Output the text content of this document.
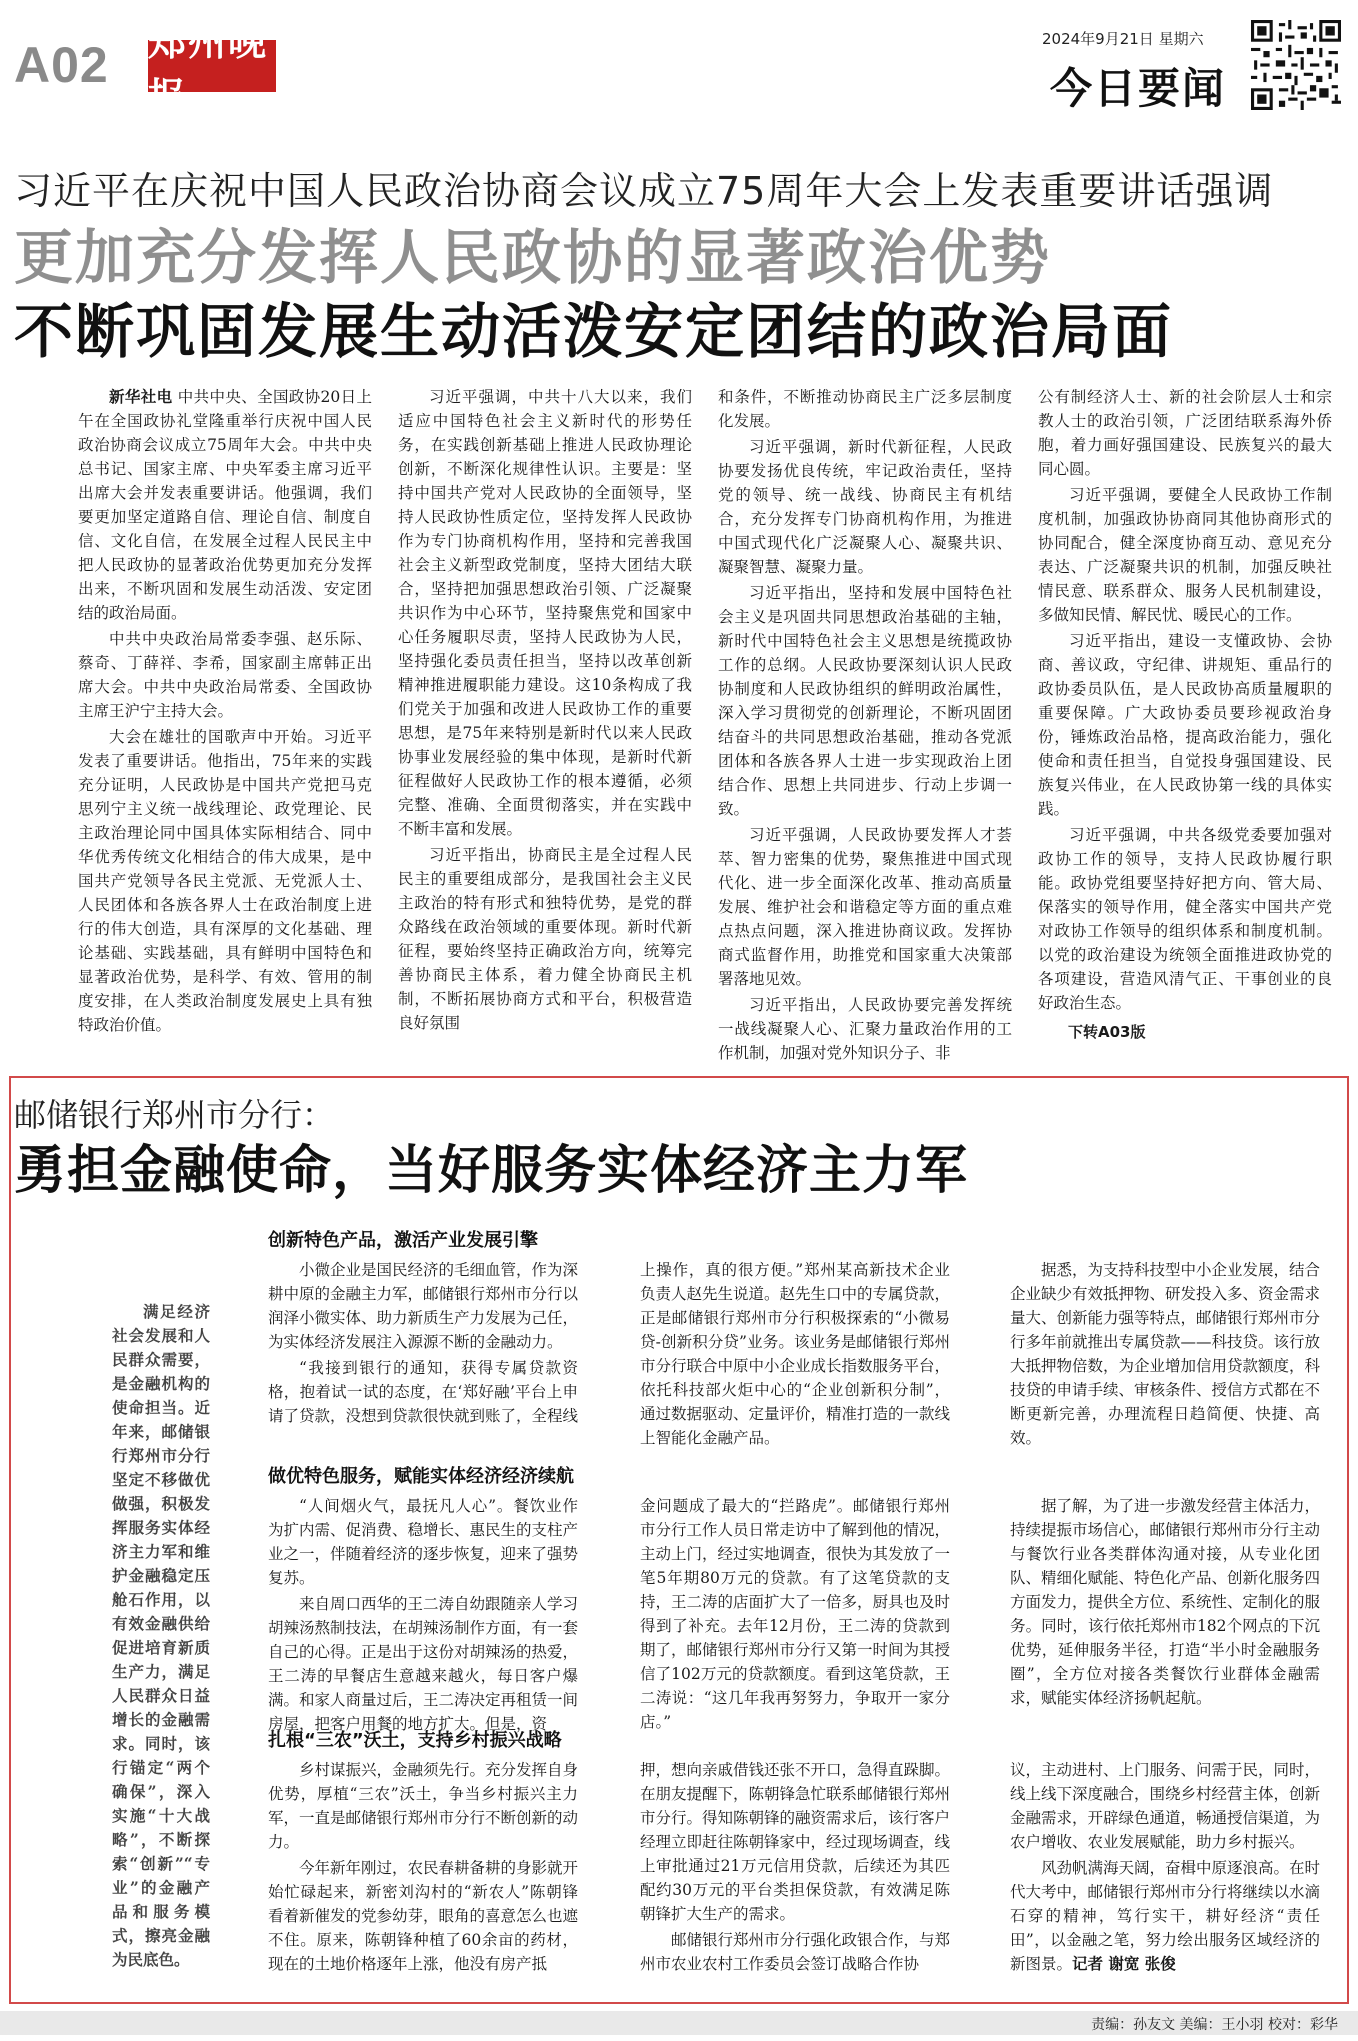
A02 郑州晚报
2024年9月21日 星期六
今日要闻
习近平在庆祝中国人民政治协商会议成立75周年大会上发表重要讲话强调
更加充分发挥人民政协的显著政治优势
不断巩固发展生动活泼安定团结的政治局面

新华社电 中共中央、全国政协20日上午在全国政协礼堂隆重举行庆祝中国人民政治协商会议成立75周年大会。中共中央总书记、国家主席、中央军委主席习近平出席大会并发表重要讲话。他强调，我们要更加坚定道路自信、理论自信、制度自信、文化自信，在发展全过程人民民主中把人民政协的显著政治优势更加充分发挥出来，不断巩固和发展生动活泼、安定团结的政治局面。

中共中央政治局常委李强、赵乐际、蔡奇、丁薛祥、李希，国家副主席韩正出席大会。中共中央政治局常委、全国政协主席王沪宁主持大会。

大会在雄壮的国歌声中开始。习近平发表了重要讲话。他指出，75年来的实践充分证明，人民政协是中国共产党把马克思列宁主义统一战线理论、政党理论、民主政治理论同中国具体实际相结合、同中华优秀传统文化相结合的伟大成果，是中国共产党领导各民主党派、无党派人士、人民团体和各族各界人士在政治制度上进行的伟大创造，具有深厚的文化基础、理论基础、实践基础，具有鲜明中国特色和显著政治优势，是科学、有效、管用的制度安排，在人类政治制度发展史上具有独特政治价值。

习近平强调，中共十八大以来，我们适应中国特色社会主义新时代的形势任务，在实践创新基础上推进人民政协理论创新，不断深化规律性认识。主要是：坚持中国共产党对人民政协的全面领导，坚持人民政协性质定位，坚持发挥人民政协作为专门协商机构作用，坚持和完善我国社会主义新型政党制度，坚持大团结大联合，坚持把加强思想政治引领、广泛凝聚共识作为中心环节，坚持聚焦党和国家中心任务履职尽责，坚持人民政协为人民，坚持强化委员责任担当，坚持以改革创新精神推进履职能力建设。这10条构成了我们党关于加强和改进人民政协工作的重要思想，是75年来特别是新时代以来人民政协事业发展经验的集中体现，是新时代新征程做好人民政协工作的根本遵循，必须完整、准确、全面贯彻落实，并在实践中不断丰富和发展。

习近平指出，协商民主是全过程人民民主的重要组成部分，是我国社会主义民主政治的特有形式和独特优势，是党的群众路线在政治领域的重要体现。新时代新征程，要始终坚持正确政治方向，统筹完善协商民主体系，着力健全协商民主机制，不断拓展协商方式和平台，积极营造良好氛围

和条件，不断推动协商民主广泛多层制度化发展。

习近平强调，新时代新征程，人民政协要发扬优良传统，牢记政治责任，坚持党的领导、统一战线、协商民主有机结合，充分发挥专门协商机构作用，为推进中国式现代化广泛凝聚人心、凝聚共识、凝聚智慧、凝聚力量。

习近平指出，坚持和发展中国特色社会主义是巩固共同思想政治基础的主轴，新时代中国特色社会主义思想是统揽政协工作的总纲。人民政协要深刻认识人民政协制度和人民政协组织的鲜明政治属性，深入学习贯彻党的创新理论，不断巩固团结奋斗的共同思想政治基础，推动各党派团体和各族各界人士进一步实现政治上团结合作、思想上共同进步、行动上步调一致。

习近平强调，人民政协要发挥人才荟萃、智力密集的优势，聚焦推进中国式现代化、进一步全面深化改革、推动高质量发展、维护社会和谐稳定等方面的重点难点热点问题，深入推进协商议政。发挥协商式监督作用，助推党和国家重大决策部署落地见效。

习近平指出，人民政协要完善发挥统一战线凝聚人心、汇聚力量政治作用的工作机制，加强对党外知识分子、非

公有制经济人士、新的社会阶层人士和宗教人士的政治引领，广泛团结联系海外侨胞，着力画好强国建设、民族复兴的最大同心圆。

习近平强调，要健全人民政协工作制度机制，加强政协协商同其他协商形式的协同配合，健全深度协商互动、意见充分表达、广泛凝聚共识的机制，加强反映社情民意、联系群众、服务人民机制建设，多做知民情、解民忧、暖民心的工作。

习近平指出，建设一支懂政协、会协商、善议政，守纪律、讲规矩、重品行的政协委员队伍，是人民政协高质量履职的重要保障。广大政协委员要珍视政治身份，锤炼政治品格，提高政治能力，强化使命和责任担当，自觉投身强国建设、民族复兴伟业，在人民政协第一线的具体实践。

习近平强调，中共各级党委要加强对政协工作的领导，支持人民政协履行职能。政协党组要坚持好把方向、管大局、保落实的领导作用，健全落实中国共产党对政协工作领导的组织体系和制度机制。以党的政治建设为统领全面推进政协党的各项建设，营造风清气正、干事创业的良好政治生态。

下转A03版
邮储银行郑州市分行：
勇担金融使命，当好服务实体经济主力军

满足经济社会发展和人民群众需要，是金融机构的使命担当。近年来，邮储银行郑州市分行坚定不移做优做强，积极发挥服务实体经济主力军和维护金融稳定压舱石作用，以有效金融供给促进培育新质生产力，满足人民群众日益增长的金融需求。同时，该行锚定“两个确保”，深入实施“十大战略”，不断探索“创新”“专业”的金融产品和服务模式，擦亮金融为民底色。

创新特色产品，激活产业发展引擎

小微企业是国民经济的毛细血管，作为深耕中原的金融主力军，邮储银行郑州市分行以润泽小微实体、助力新质生产力发展为己任，为实体经济发展注入源源不断的金融动力。

“我接到银行的通知，获得专属贷款资格，抱着试一试的态度，在‘郑好融’平台上申请了贷款，没想到贷款很快就到账了，全程线

上操作，真的很方便。”郑州某高新技术企业负责人赵先生说道。赵先生口中的专属贷款，正是邮储银行郑州市分行积极探索的“小微易贷-创新积分贷”业务。该业务是邮储银行郑州市分行联合中原中小企业成长指数服务平台，依托科技部火炬中心的“企业创新积分制”，通过数据驱动、定量评价，精准打造的一款线上智能化金融产品。

据悉，为支持科技型中小企业发展，结合企业缺少有效抵押物、研发投入多、资金需求量大、创新能力强等特点，邮储银行郑州市分行多年前就推出专属贷款——科技贷。该行放大抵押物倍数，为企业增加信用贷款额度，科技贷的申请手续、审核条件、授信方式都在不断更新完善，办理流程日趋简便、快捷、高效。

做优特色服务，赋能实体经济经济续航

“人间烟火气，最抚凡人心”。餐饮业作为扩内需、促消费、稳增长、惠民生的支柱产业之一，伴随着经济的逐步恢复，迎来了强势复苏。

来自周口西华的王二涛自幼跟随亲人学习胡辣汤熬制技法，在胡辣汤制作方面，有一套自己的心得。正是出于这份对胡辣汤的热爱，王二涛的早餐店生意越来越火，每日客户爆满。和家人商量过后，王二涛决定再租赁一间房屋，把客户用餐的地方扩大。但是，资

金问题成了最大的“拦路虎”。邮储银行郑州市分行工作人员日常走访中了解到他的情况，主动上门，经过实地调查，很快为其发放了一笔5年期80万元的贷款。有了这笔贷款的支持，王二涛的店面扩大了一倍多，厨具也及时得到了补充。去年12月份，王二涛的贷款到期了，邮储银行郑州市分行又第一时间为其授信了102万元的贷款额度。看到这笔贷款，王二涛说：“这几年我再努努力，争取开一家分店。”

据了解，为了进一步激发经营主体活力，持续提振市场信心，邮储银行郑州市分行主动与餐饮行业各类群体沟通对接，从专业化团队、精细化赋能、特色化产品、创新化服务四方面发力，提供全方位、系统性、定制化的服务。同时，该行依托郑州市182个网点的下沉优势，延伸服务半径，打造“半小时金融服务圈”，全方位对接各类餐饮行业群体金融需求，赋能实体经济扬帆起航。

扎根“三农”沃土，支持乡村振兴战略

乡村谋振兴，金融须先行。充分发挥自身优势，厚植“三农”沃土，争当乡村振兴主力军，一直是邮储银行郑州市分行不断创新的动力。

今年新年刚过，农民春耕备耕的身影就开始忙碌起来，新密刘沟村的“新农人”陈朝锋看着新催发的党参幼芽，眼角的喜意怎么也遮不住。原来，陈朝锋种植了60余亩的药材，现在的土地价格逐年上涨，他没有房产抵

押，想向亲戚借钱还张不开口，急得直跺脚。在朋友提醒下，陈朝锋急忙联系邮储银行郑州市分行。得知陈朝锋的融资需求后，该行客户经理立即赶往陈朝锋家中，经过现场调查，线上审批通过21万元信用贷款，后续还为其匹配约30万元的平台类担保贷款，有效满足陈朝锋扩大生产的需求。

邮储银行郑州市分行强化政银合作，与郑州市农业农村工作委员会签订战略合作协

议，主动进村、上门服务、问需于民，同时，线上线下深度融合，围绕乡村经营主体，创新金融需求，开辟绿色通道，畅通授信渠道，为农户增收、农业发展赋能，助力乡村振兴。

风劲帆满海天阔，奋楫中原逐浪高。在时代大考中，邮储银行郑州市分行将继续以水滴石穿的精神，笃行实干，耕好经济“责任田”，以金融之笔，努力绘出服务区域经济的新图景。记者 谢宽 张俊

责编：孙友文 美编：王小羽 校对：彩华
